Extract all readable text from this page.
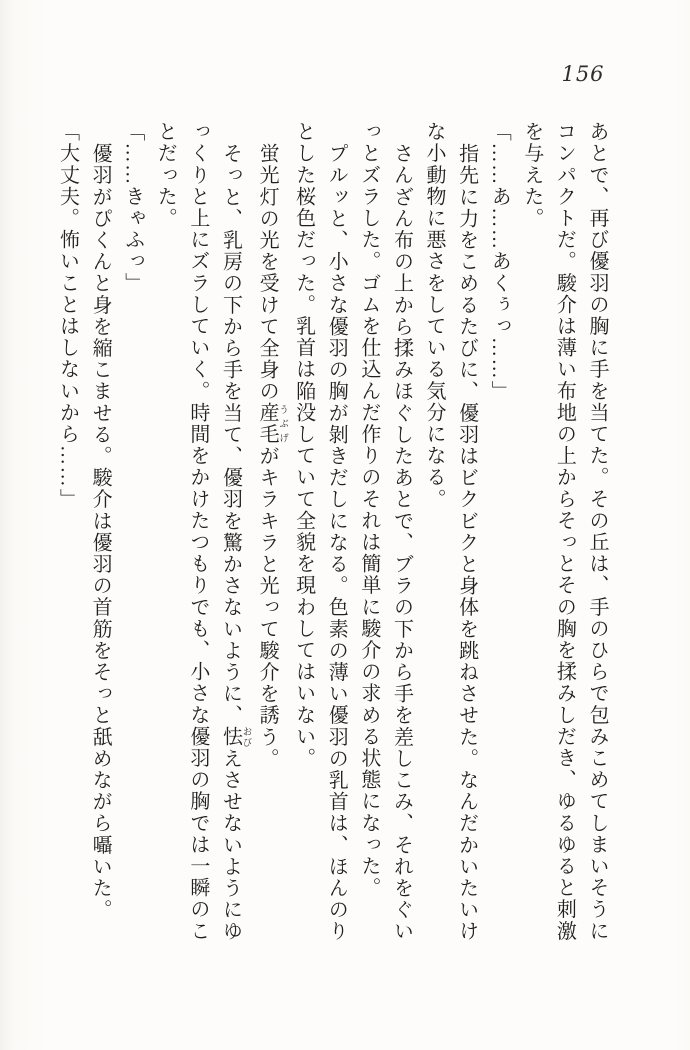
156
あとで、再び優羽の胸に手を当てた。その丘は、手のひらで包みこめてしまいそうに
コンパクトだ。駿介は薄い布地の上からそっとその胸を揉みしだき、ゆるゆると刺激
を与えた。
「……あ……あくぅっ……」
指先に力をこめるたびに、優羽はビクビクと身体を跳ねさせた。なんだかいたいけ
な小動物に悪さをしている気分になる。
さんざん布の上から揉みほぐしたあとで、ブラの下から手を差しこみ、それをぐい
っとズラした。ゴムを仕込んだ作りのそれは簡単に駿介の求める状態になった。
プルッと、小さな優羽の胸が剝きだしになる。色素の薄い優羽の乳首は、ほんのり
とした桜色だった。乳首は陥没していて全貌を現わしてはいない。
蛍光灯の光を受けて全身の産毛 うぶげがキラキラと光って駿介を誘う。
そっと、乳房の下から手を当て、優羽を驚かさないように、怯 おびえさせないようにゆ
っくりと上にズラしていく。時間をかけたつもりでも、小さな優羽の胸では一瞬のこ
とだった。
「……きゃふっ」
優羽がぴくんと身を縮こませる。駿介は優羽の首筋をそっと舐めながら囁いた。
「大丈夫。怖いことはしないから……」
